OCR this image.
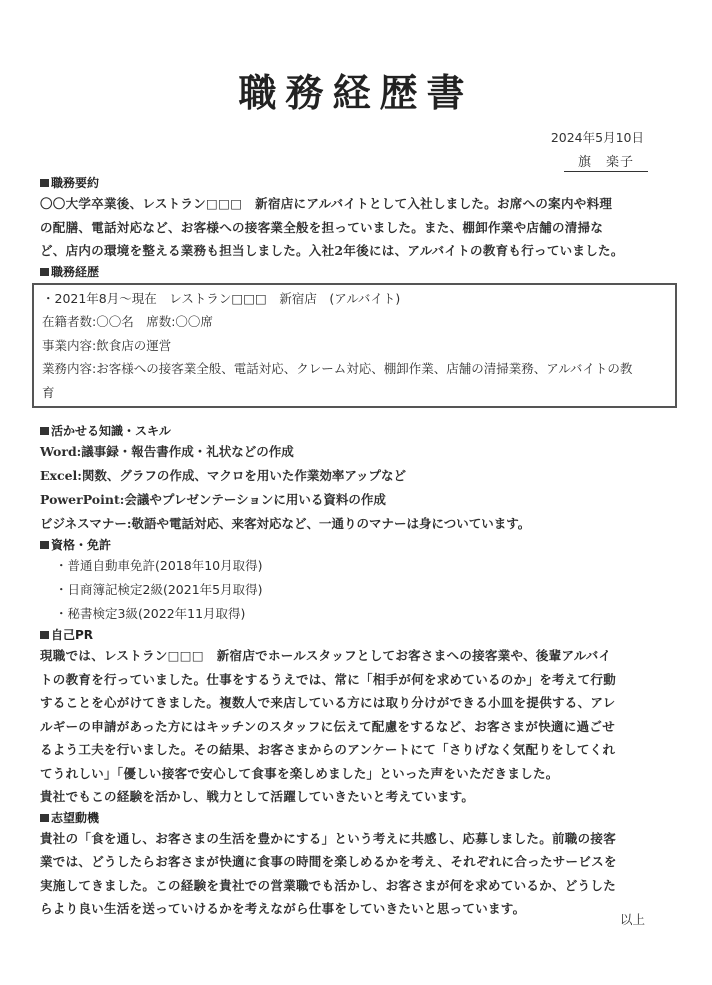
職務経歴書
2024年5月10日
旗　楽子
職務要約
〇〇大学卒業後、レストラン□□□　新宿店にアルバイトとして入社しました。お席への案内や料理
の配膳、電話対応など、お客様への接客業全般を担っていました。また、棚卸作業や店舗の清掃な
ど、店内の環境を整える業務も担当しました。入社2年後には、アルバイトの教育も行っていました。
職務経歴
・2021年8月～現在　レストラン□□□　新宿店　(アルバイト)
在籍者数:〇〇名　席数:〇〇席
事業内容:飲食店の運営
業務内容:お客様への接客業全般、電話対応、クレーム対応、棚卸作業、店舗の清掃業務、アルバイトの教
育
活かせる知識・スキル
Word:議事録・報告書作成・礼状などの作成
Excel:関数、グラフの作成、マクロを用いた作業効率アップなど
PowerPoint:会議やプレゼンテーションに用いる資料の作成
ビジネスマナー:敬語や電話対応、来客対応など、一通りのマナーは身についています。
資格・免許
・普通自動車免許(2018年10月取得)
・日商簿記検定2級(2021年5月取得)
・秘書検定3級(2022年11月取得)
自己PR
現職では、レストラン□□□　新宿店でホールスタッフとしてお客さまへの接客業や、後輩アルバイ
トの教育を行っていました。仕事をするうえでは、常に「相手が何を求めているのか」を考えて行動
することを心がけてきました。複数人で来店している方には取り分けができる小皿を提供する、アレ
ルギーの申請があった方にはキッチンのスタッフに伝えて配慮をするなど、お客さまが快適に過ごせ
るよう工夫を行いました。その結果、お客さまからのアンケートにて「さりげなく気配りをしてくれ
てうれしい」「優しい接客で安心して食事を楽しめました」といった声をいただきました。
貴社でもこの経験を活かし、戦力として活躍していきたいと考えています。
志望動機
貴社の「食を通し、お客さまの生活を豊かにする」という考えに共感し、応募しました。前職の接客
業では、どうしたらお客さまが快適に食事の時間を楽しめるかを考え、それぞれに合ったサービスを
実施してきました。この経験を貴社での営業職でも活かし、お客さまが何を求めているか、どうした
らより良い生活を送っていけるかを考えながら仕事をしていきたいと思っています。
以上
